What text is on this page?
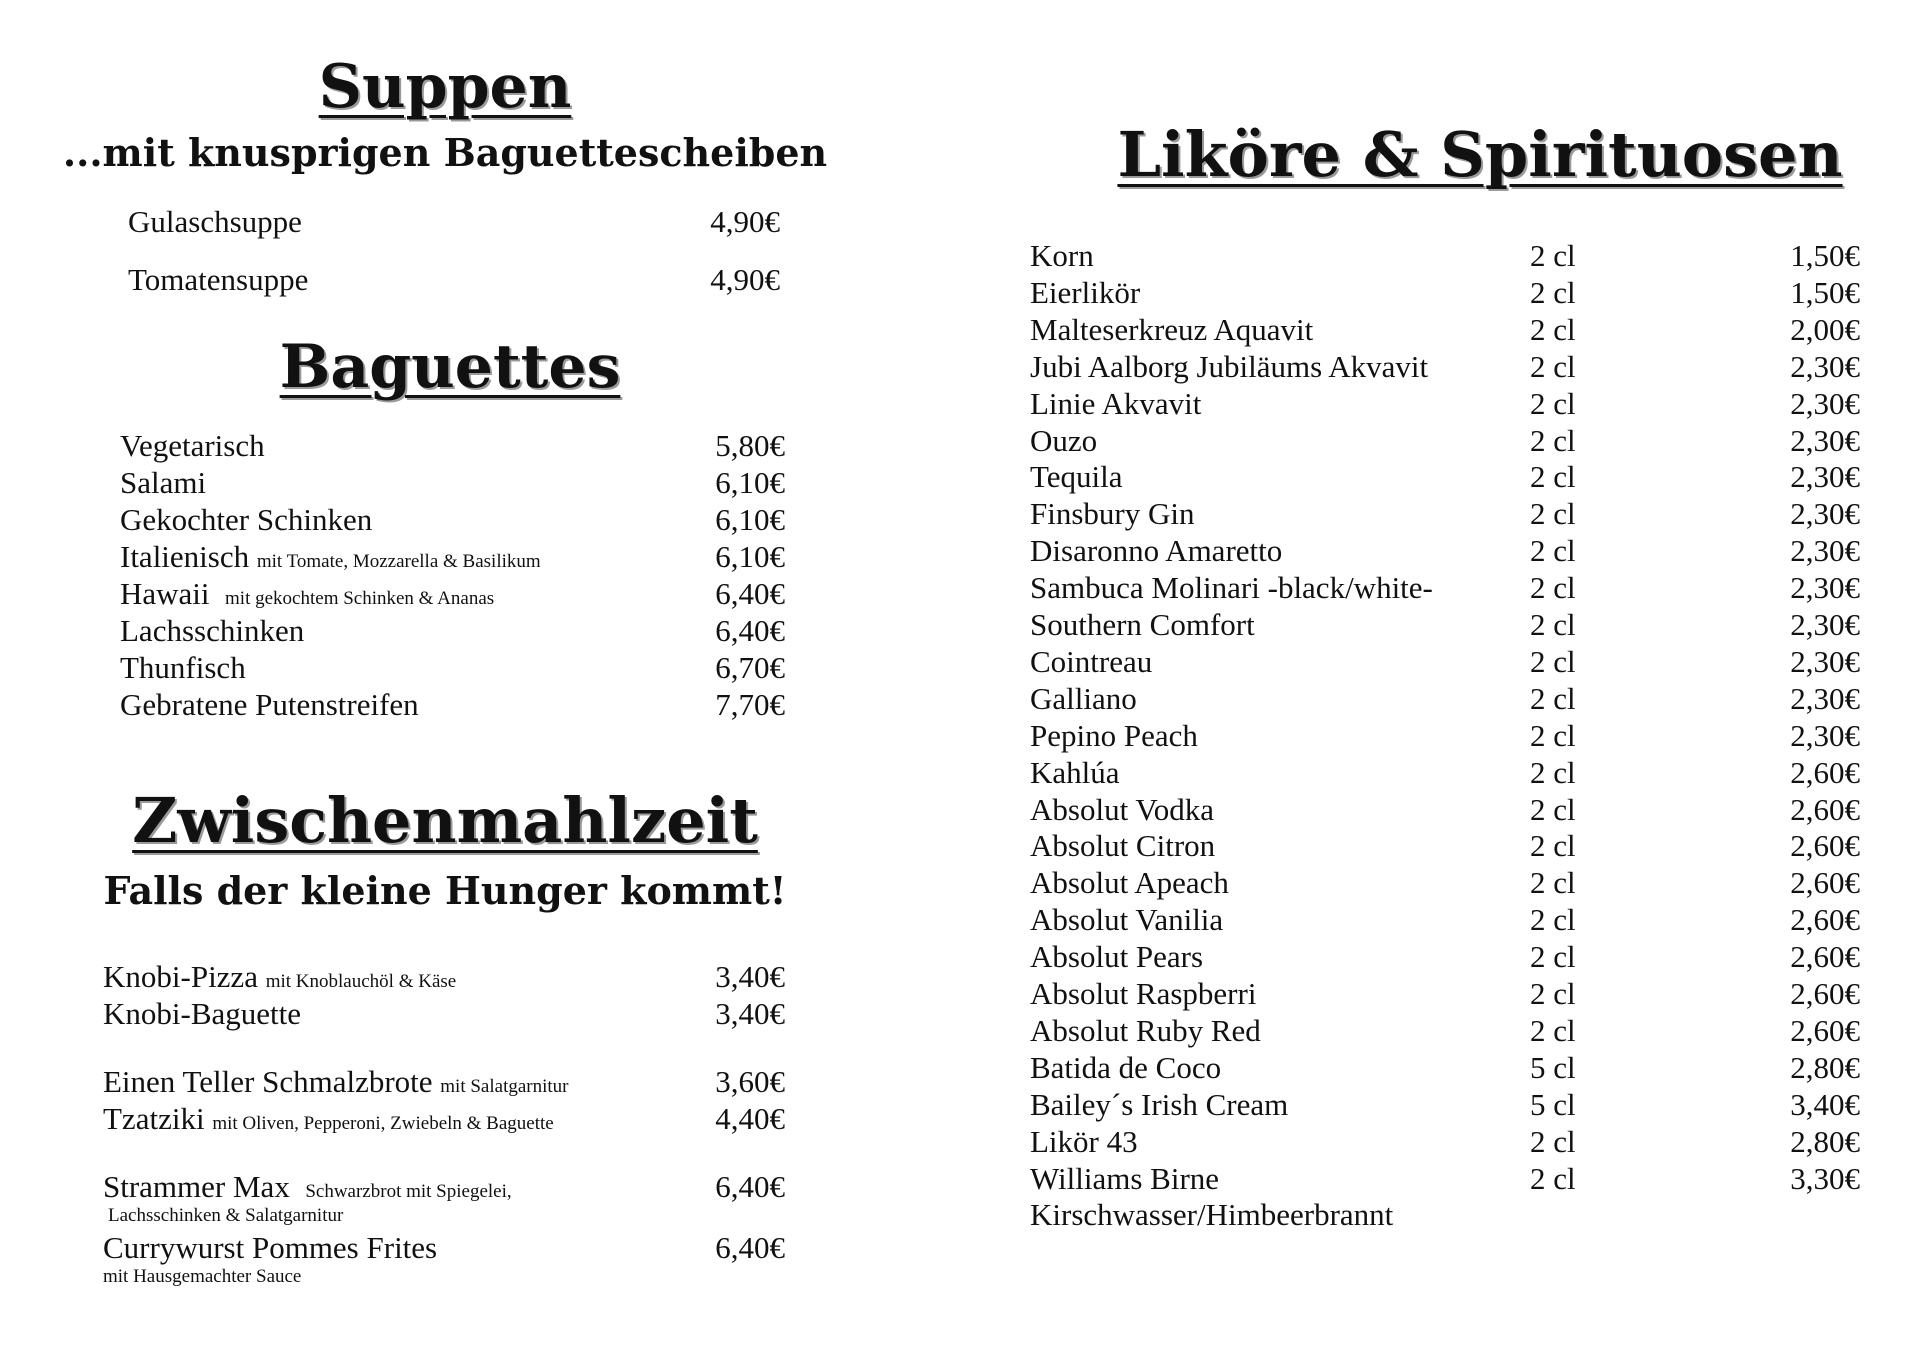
Suppen
...mit knusprigen Baguettescheiben
Gulaschsuppe	4,90€
Tomatensuppe	4,90€
Baguettes
Vegetarisch	5,80€
Salami	6,10€
Gekochter Schinken	6,10€
Italienisch mit Tomate, Mozzarella & Basilikum	6,10€
Hawaii mit gekochtem Schinken & Ananas	6,40€
Lachsschinken	6,40€
Thunfisch	6,70€
Gebratene Putenstreifen	7,70€
Zwischenmahlzeit
Falls der kleine Hunger kommt!
Knobi-Pizza mit Knoblauchöl & Käse	3,40€
Knobi-Baguette	3,40€
Einen Teller Schmalzbrote mit Salatgarnitur	3,60€
Tzatziki mit Oliven, Pepperoni, Zwiebeln & Baguette	4,40€
Strammer Max Schwarzbrot mit Spiegelei,	6,40€
Lachsschinken & Salatgarnitur
Currywurst Pommes Frites	6,40€
mit Hausgemachter Sauce
Liköre & Spirituosen
Korn	2 cl	1,50€
Eierlikör	2 cl	1,50€
Malteserkreuz Aquavit	2 cl	2,00€
Jubi Aalborg Jubiläums Akvavit	2 cl	2,30€
Linie Akvavit	2 cl	2,30€
Ouzo	2 cl	2,30€
Tequila	2 cl	2,30€
Finsbury Gin	2 cl	2,30€
Disaronno Amaretto	2 cl	2,30€
Sambuca Molinari -black/white-	2 cl	2,30€
Southern Comfort	2 cl	2,30€
Cointreau	2 cl	2,30€
Galliano	2 cl	2,30€
Pepino Peach	2 cl	2,30€
Kahlúa	2 cl	2,60€
Absolut Vodka	2 cl	2,60€
Absolut Citron	2 cl	2,60€
Absolut Apeach	2 cl	2,60€
Absolut Vanilia	2 cl	2,60€
Absolut Pears	2 cl	2,60€
Absolut Raspberri	2 cl	2,60€
Absolut Ruby Red	2 cl	2,60€
Batida de Coco	5 cl	2,80€
Bailey´s Irish Cream	5 cl	3,40€
Likör 43	2 cl	2,80€
Williams Birne	2 cl	3,30€
Kirschwasser/Himbeerbrannt
